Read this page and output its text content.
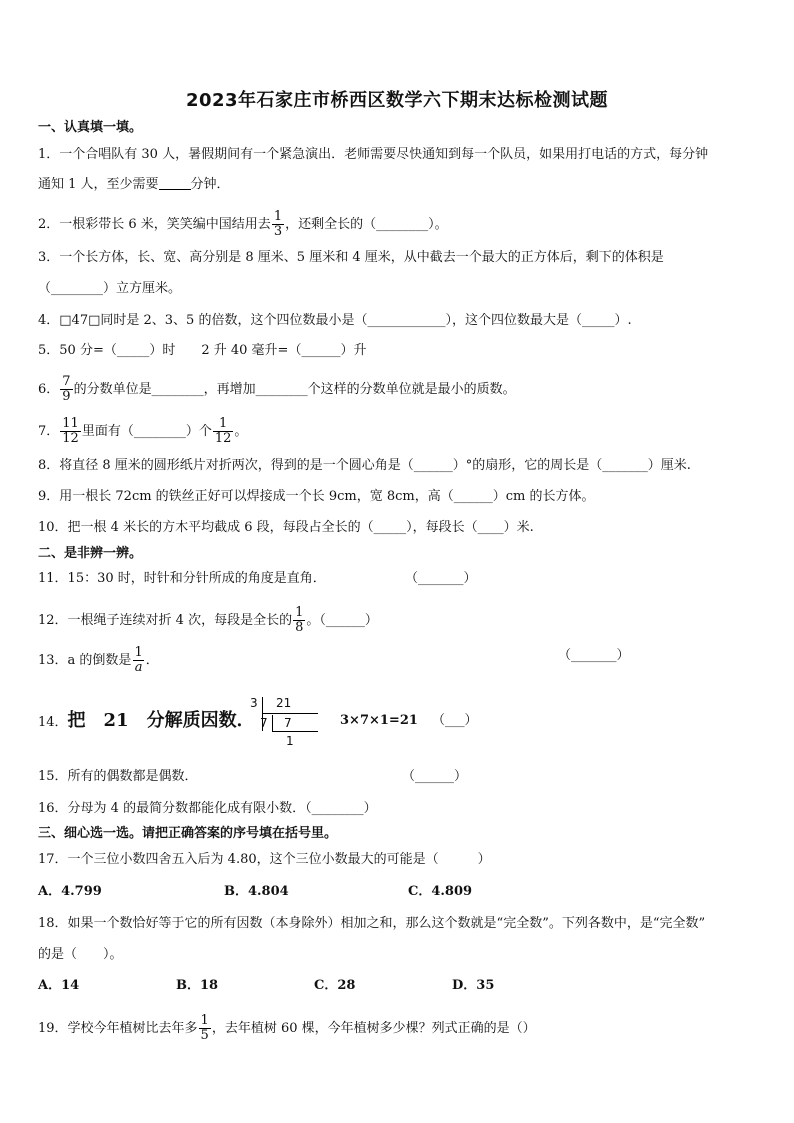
2023年石家庄市桥西区数学六下期末达标检测试题
一、认真填一填。
1．一个合唱队有 30 人，暑假期间有一个紧急演出．老师需要尽快通知到每一个队员，如果用打电话的方式，每分钟
通知 1 人，至少需要 分钟．
2．一根彩带长 6 米，笑笑编中国结用去 $\frac{1}{3}$ ，还剩全长的（________）。
3．一个长方体，长、宽、高分别是 8 厘米、5 厘米和 4 厘米，从中截去一个最大的正方体后，剩下的体积是
（________）立方厘米。
4．□47□同时是 2、3、5 的倍数，这个四位数最小是（____________），这个四位数最大是（_____）.
5．50 分=（_____）时　　2 升 40 毫升=（______）升
6． $\frac{7}{9}$ 的分数单位是________，再增加________个这样的分数单位就是最小的质数。
7． $\frac{11}{12}$ 里面有（________）个 $\frac{1}{12}$ 。
8．将直径 8 厘米的圆形纸片对折两次，得到的是一个圆心角是（______）°的扇形，它的周长是（_______）厘米.
9．用一根长 72cm 的铁丝正好可以焊接成一个长 9cm，宽 8cm，高（______）cm 的长方体。
10．把一根 4 米长的方木平均截成 6 段，每段占全长的（_____），每段长（____）米.
二、是非辨一辨。
11．15：30 时，时针和分针所成的角度是直角．	（_______）
12．一根绳子连续对折 4 次，每段是全长的 $\frac{1}{8}$ 。（______）
13．a 的倒数是 $\frac{1}{a}$ ．	（_______）
14．把　21　分解质因数．	3×7×1=21 （___）
3 21
7 7
1
15．所有的偶数都是偶数．	（______）
16．分母为 4 的最简分数都能化成有限小数．（________）
三、细心选一选。请把正确答案的序号填在括号里。
17．一个三位小数四舍五入后为 4.80，这个三位小数最大的可能是（　　　）
A．4.799	B．4.804	C．4.809
18．如果一个数恰好等于它的所有因数（本身除外）相加之和，那么这个数就是“完全数”。下列各数中，是“完全数”
的是（　　）。
A．14	B．18	C．28	D．35
19．学校今年植树比去年多 $\frac{1}{5}$ ，去年植树 60 棵，今年植树多少棵？列式正确的是（）
